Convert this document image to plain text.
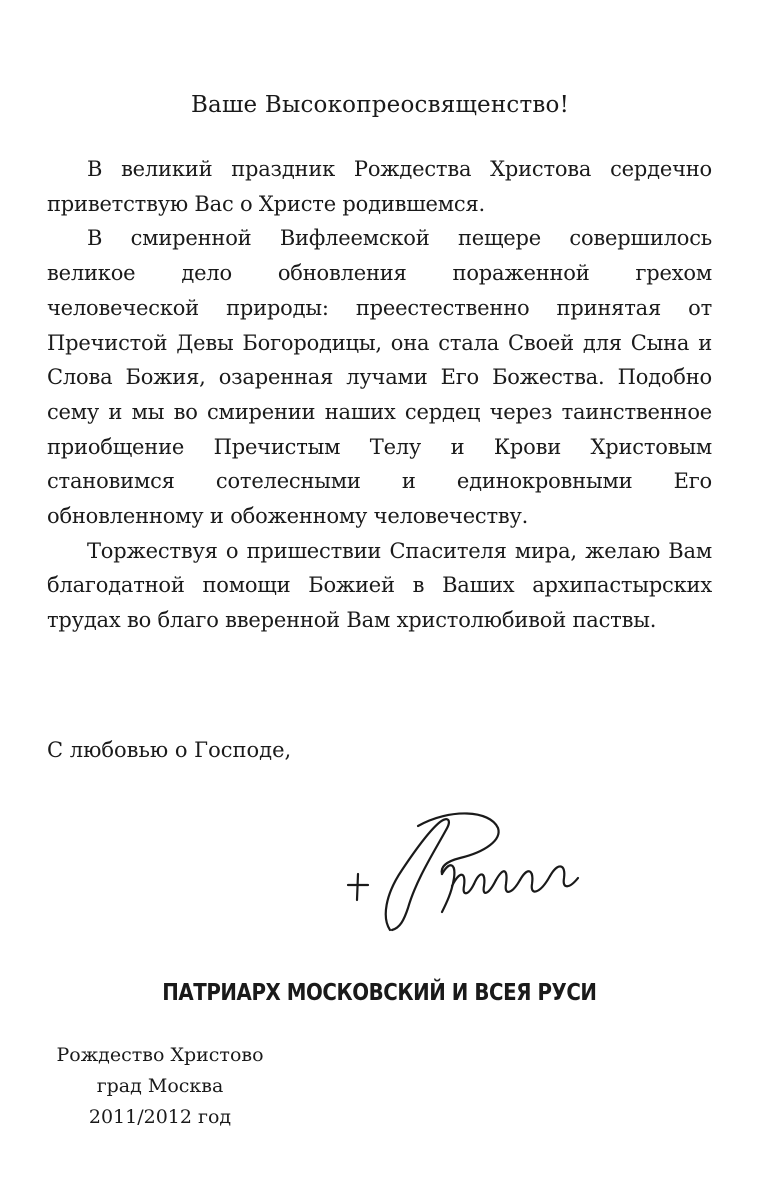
Ваше Высокопреосвященство!

В великий праздник Рождества Христова сердечно приветствую Вас о Христе родившемся.

В смиренной Вифлеемской пещере совершилось великое дело обновления пораженной грехом человеческой природы: преестественно принятая от Пречистой Девы Богородицы, она стала Своей для Сына и Слова Божия, озаренная лучами Его Божества. Подобно сему и мы во смирении наших сердец через таинственное приобщение Пречистым Телу и Крови Христовым становимся сотелесными и единокровными Его обновленному и обоженному человечеству.

Торжествуя о пришествии Спасителя мира, желаю Вам благодатной помощи Божией в Ваших архипастырских трудах во благо вверенной Вам христолюбивой паствы.

С любовью о Господе,
ПАТРИАРХ МОСКОВСКИЙ И ВСЕЯ РУСИ
Рождество Христово
град Москва
2011/2012 год
